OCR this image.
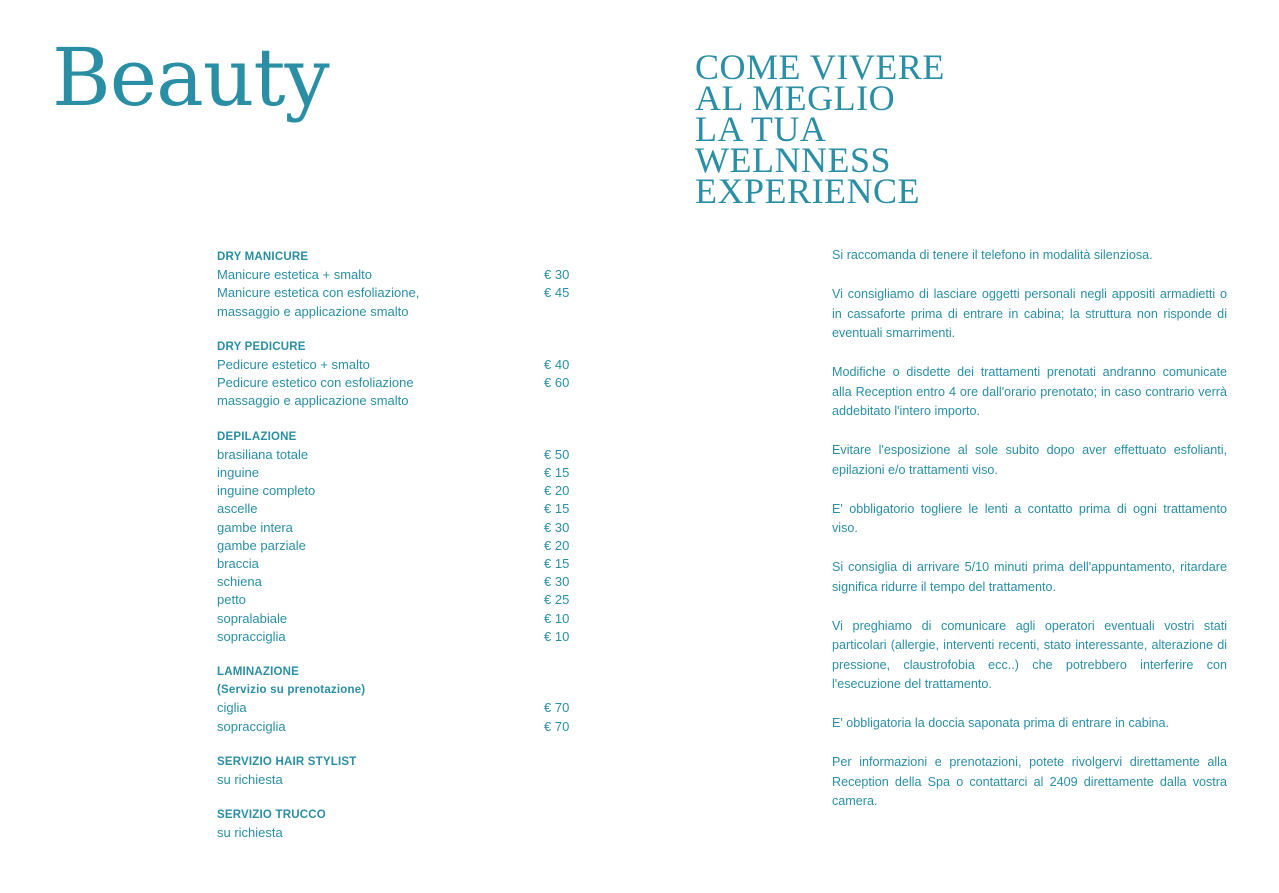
Beauty	COME VIVERE
AL MEGLIO
LA TUA
WELNNESS
EXPERIENCE
DRY MANICURE
Manicure estetica + smalto	€ 30
Manicure estetica con esfoliazione,	€ 45
massaggio e applicazione smalto
DRY PEDICURE
Pedicure estetico + smalto	€ 40
Pedicure estetico con esfoliazione	€ 60
massaggio e applicazione smalto
DEPILAZIONE
brasiliana totale	€ 50
inguine	€ 15
inguine completo	€ 20
ascelle	€ 15
gambe intera	€ 30
gambe parziale	€ 20
braccia	€ 15
schiena	€ 30
petto	€ 25
sopralabiale	€ 10
sopracciglia	€ 10
LAMINAZIONE
(Servizio su prenotazione)
ciglia	€ 70
sopracciglia	€ 70
SERVIZIO HAIR STYLIST
su richiesta
SERVIZIO TRUCCO
su richiesta

Si raccomanda di tenere il telefono in modalità silenziosa.

Vi consigliamo di lasciare oggetti personali negli appositi armadietti o in cassaforte prima di entrare in cabina; la struttura non risponde di eventuali smarrimenti.

Modifiche o disdette dei trattamenti prenotati andranno comunicate alla Reception entro 4 ore dall'orario prenotato; in caso contrario verrà addebitato l'intero importo.

Evitare l'esposizione al sole subito dopo aver effettuato esfolianti, epilazioni e/o trattamenti viso.

E' obbligatorio togliere le lenti a contatto prima di ogni trattamento viso.

Si consiglia di arrivare 5/10 minuti prima dell'appuntamento, ritardare significa ridurre il tempo del trattamento.

Vi preghiamo di comunicare agli operatori eventuali vostri stati particolari (allergie, interventi recenti, stato interessante, alterazione di pressione, claustrofobia ecc..) che potrebbero interferire con l'esecuzione del trattamento.

E' obbligatoria la doccia saponata prima di entrare in cabina.

Per informazioni e prenotazioni, potete rivolgervi direttamente alla Reception della Spa o contattarci al 2409 direttamente dalla vostra camera.
